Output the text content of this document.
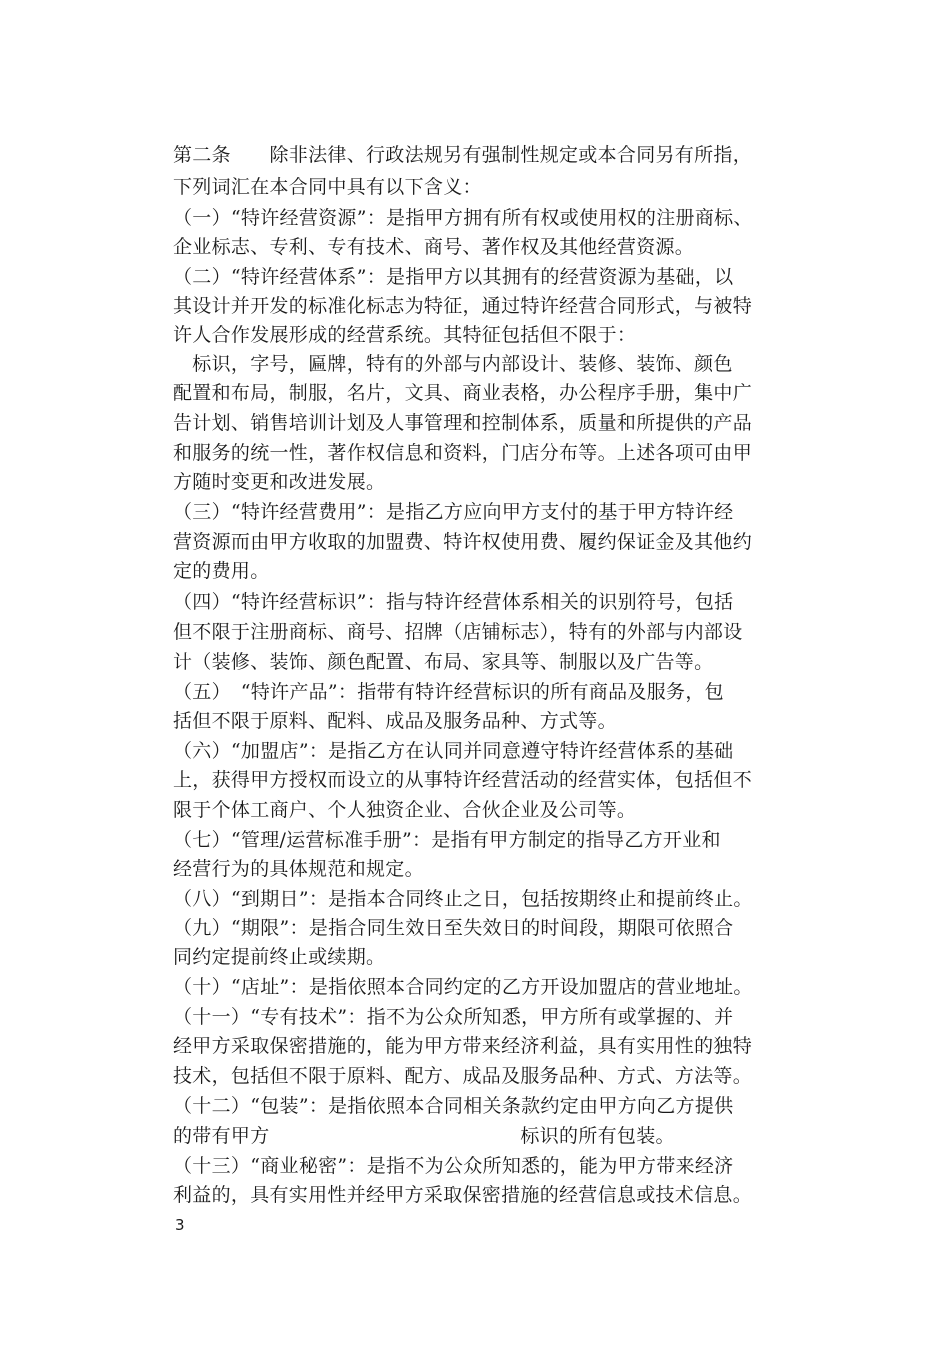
第二条　　除非法律、行政法规另有强制性规定或本合同另有所指，
下列词汇在本合同中具有以下含义：
（一）“特许经营资源”：是指甲方拥有所有权或使用权的注册商标、
企业标志、专利、专有技术、商号、著作权及其他经营资源。
（二）“特许经营体系”：是指甲方以其拥有的经营资源为基础，以
其设计并开发的标准化标志为特征，通过特许经营合同形式，与被特
许人合作发展形成的经营系统。其特征包括但不限于：
　标识，字号，匾牌，特有的外部与内部设计、装修、装饰、颜色
配置和布局，制服，名片，文具、商业表格，办公程序手册，集中广
告计划、销售培训计划及人事管理和控制体系，质量和所提供的产品
和服务的统一性，著作权信息和资料，门店分布等。上述各项可由甲
方随时变更和改进发展。
（三）“特许经营费用”：是指乙方应向甲方支付的基于甲方特许经
营资源而由甲方收取的加盟费、特许权使用费、履约保证金及其他约
定的费用。
（四）“特许经营标识”：指与特许经营体系相关的识别符号，包括
但不限于注册商标、商号、招牌（店铺标志），特有的外部与内部设
计（装修、装饰、颜色配置、布局、家具等、制服以及广告等。
（五）　“特许产品”：指带有特许经营标识的所有商品及服务，包
括但不限于原料、配料、成品及服务品种、方式等。
（六）“加盟店”：是指乙方在认同并同意遵守特许经营体系的基础
上，获得甲方授权而设立的从事特许经营活动的经营实体，包括但不
限于个体工商户、个人独资企业、合伙企业及公司等。
（七）“管理/运营标准手册”：是指有甲方制定的指导乙方开业和
经营行为的具体规范和规定。
（八）“到期日”：是指本合同终止之日，包括按期终止和提前终止。
（九）“期限”：是指合同生效日至失效日的时间段，期限可依照合
同约定提前终止或续期。
（十）“店址”：是指依照本合同约定的乙方开设加盟店的营业地址。
（十一）“专有技术”：指不为公众所知悉，甲方所有或掌握的、并
经甲方采取保密措施的，能为甲方带来经济利益，具有实用性的独特
技术，包括但不限于原料、配方、成品及服务品种、方式、方法等。
（十二）“包装”：是指依照本合同相关条款约定由甲方向乙方提供
的带有甲方　　　　　　　　　　　　　标识的所有包装。
（十三）“商业秘密”：是指不为公众所知悉的，能为甲方带来经济
利益的，具有实用性并经甲方采取保密措施的经营信息或技术信息。
3
